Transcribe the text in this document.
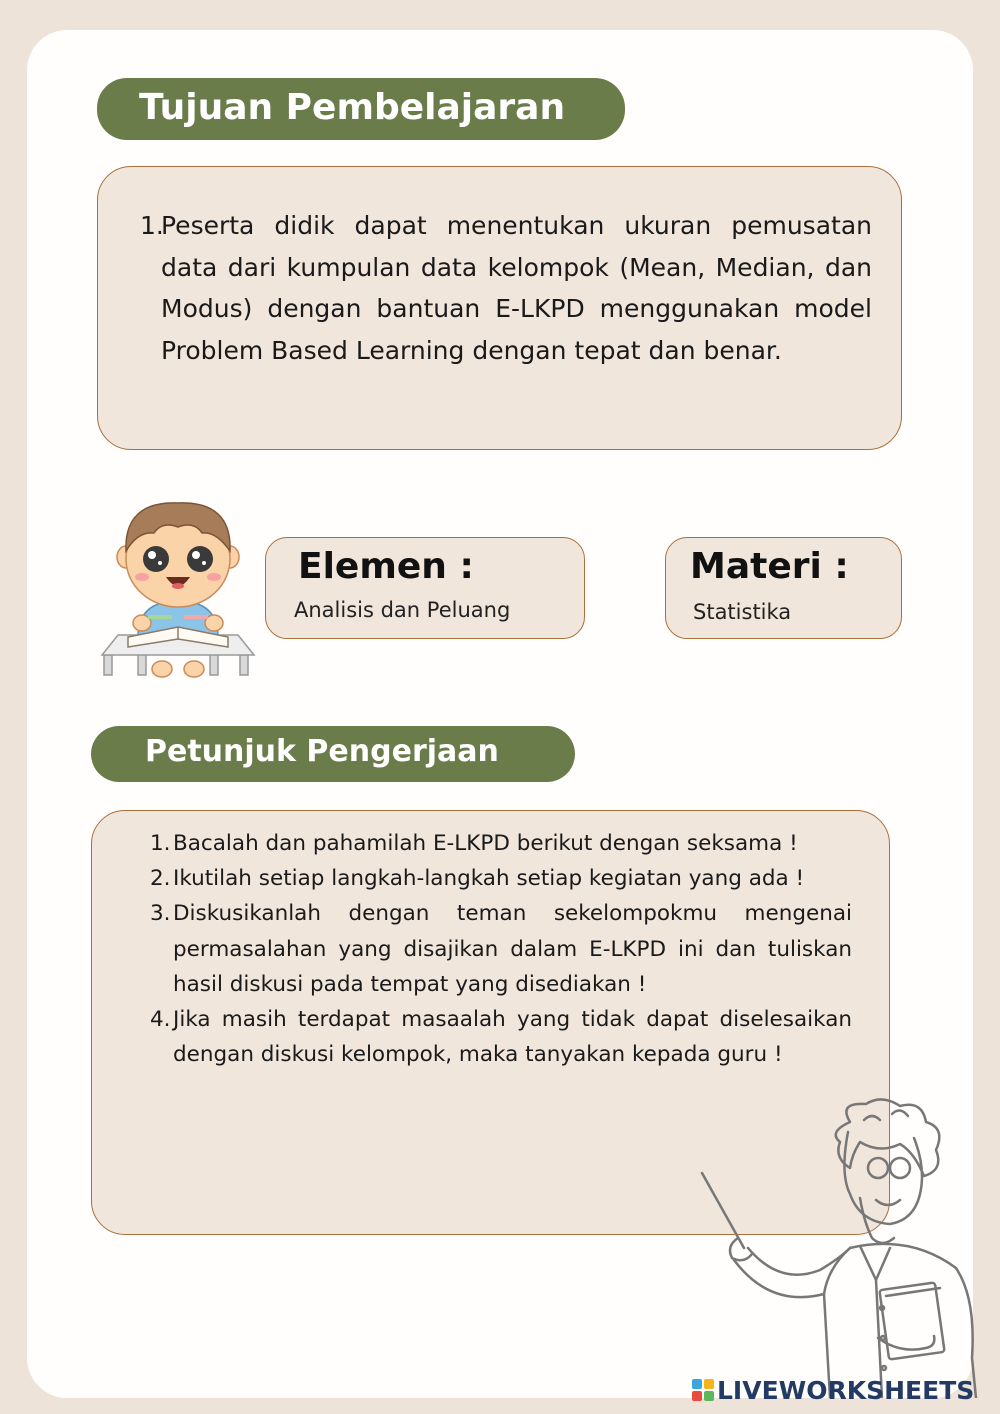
Tujuan Pembelajaran
1.
Peserta didik dapat menentukan ukuran pemusatan data dari kumpulan data kelompok (Mean, Median, dan Modus) dengan bantuan E-LKPD menggunakan model Problem Based Learning dengan tepat dan benar.
Elemen :
Analisis dan Peluang
Materi :
Statistika
Petunjuk Pengerjaan
1. Bacalah dan pahamilah E-LKPD berikut dengan seksama !
2. Ikutilah setiap langkah-langkah setiap kegiatan yang ada !
3. Diskusikanlah dengan teman sekelompokmu mengenai permasalahan yang disajikan dalam E-LKPD ini dan tuliskan hasil diskusi pada tempat yang disediakan !
4. Jika masih terdapat masaalah yang tidak dapat diselesaikan dengan diskusi kelompok, maka tanyakan kepada guru !
LIVEWORKSHEETS
